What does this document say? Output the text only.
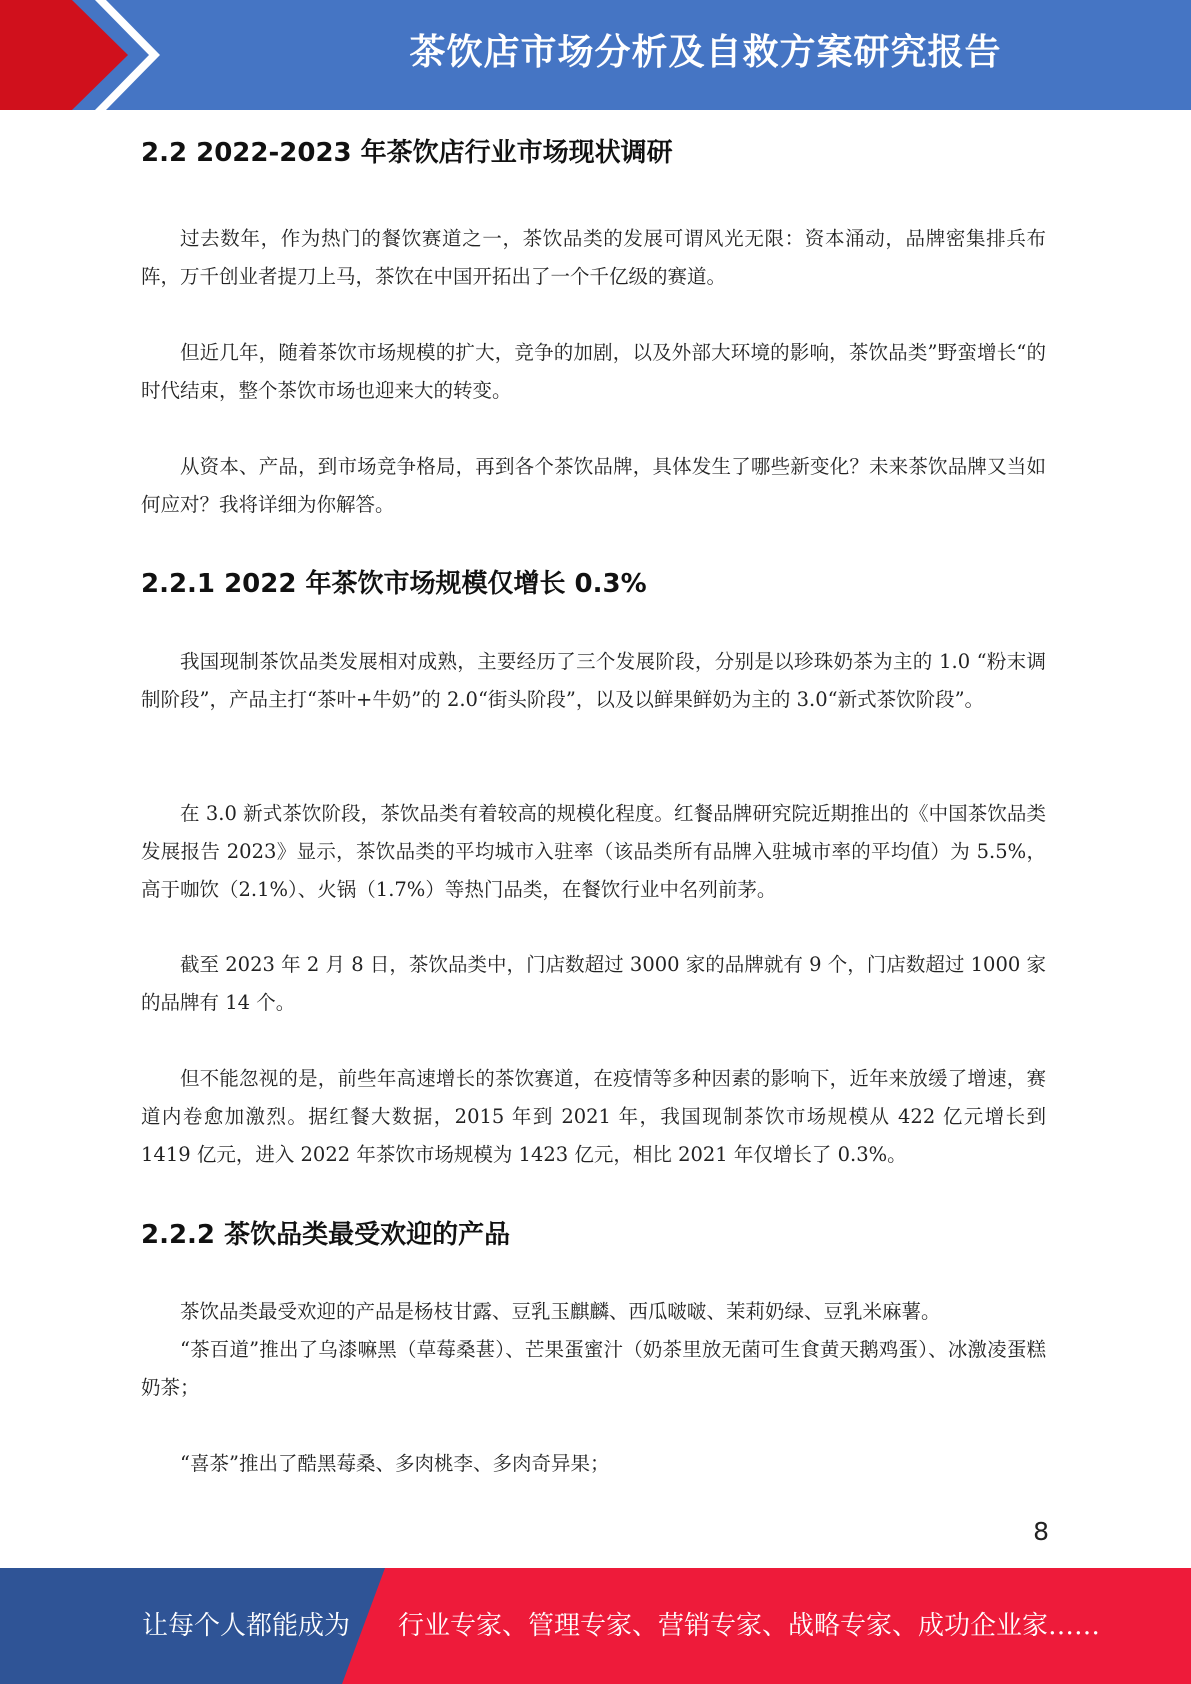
茶饮店市场分析及自救方案研究报告
2.2 2022-2023 年茶饮店行业市场现状调研

过去数年，作为热门的餐饮赛道之一，茶饮品类的发展可谓风光无限：资本涌动，品牌密集排兵布阵，万千创业者提刀上马，茶饮在中国开拓出了一个千亿级的赛道。

但近几年，随着茶饮市场规模的扩大，竞争的加剧，以及外部大环境的影响，茶饮品类”野蛮增长“的时代结束，整个茶饮市场也迎来大的转变。

从资本、产品，到市场竞争格局，再到各个茶饮品牌，具体发生了哪些新变化？未来茶饮品牌又当如何应对？我将详细为你解答。

2.2.1 2022 年茶饮市场规模仅增长 0.3%

我国现制茶饮品类发展相对成熟，主要经历了三个发展阶段，分别是以珍珠奶茶为主的 1.0 “粉末调制阶段”，产品主打“茶叶+牛奶”的 2.0“街头阶段”，以及以鲜果鲜奶为主的 3.0“新式茶饮阶段”。

在 3.0 新式茶饮阶段，茶饮品类有着较高的规模化程度。红餐品牌研究院近期推出的《中国茶饮品类发展报告 2023》显示，茶饮品类的平均城市入驻率（该品类所有品牌入驻城市率的平均值）为 5.5%，高于咖饮（2.1%）、火锅（1.7%）等热门品类，在餐饮行业中名列前茅。

截至 2023 年 2 月 8 日，茶饮品类中，门店数超过 3000 家的品牌就有 9 个，门店数超过 1000 家的品牌有 14 个。

但不能忽视的是，前些年高速增长的茶饮赛道，在疫情等多种因素的影响下，近年来放缓了增速，赛道内卷愈加激烈。据红餐大数据，2015 年到 2021 年，我国现制茶饮市场规模从 422 亿元增长到 1419 亿元，进入 2022 年茶饮市场规模为 1423 亿元，相比 2021 年仅增长了 0.3%。

2.2.2 茶饮品类最受欢迎的产品

茶饮品类最受欢迎的产品是杨枝甘露、豆乳玉麒麟、西瓜啵啵、茉莉奶绿、豆乳米麻薯。

“茶百道”推出了乌漆嘛黑（草莓桑葚）、芒果蛋蜜汁（奶茶里放无菌可生食黄天鹅鸡蛋）、冰激凌蛋糕奶茶；

“喜茶”推出了酷黑莓桑、多肉桃李、多肉奇异果；

8
让每个人都能成为 行业专家、管理专家、营销专家、战略专家、成功企业家……
